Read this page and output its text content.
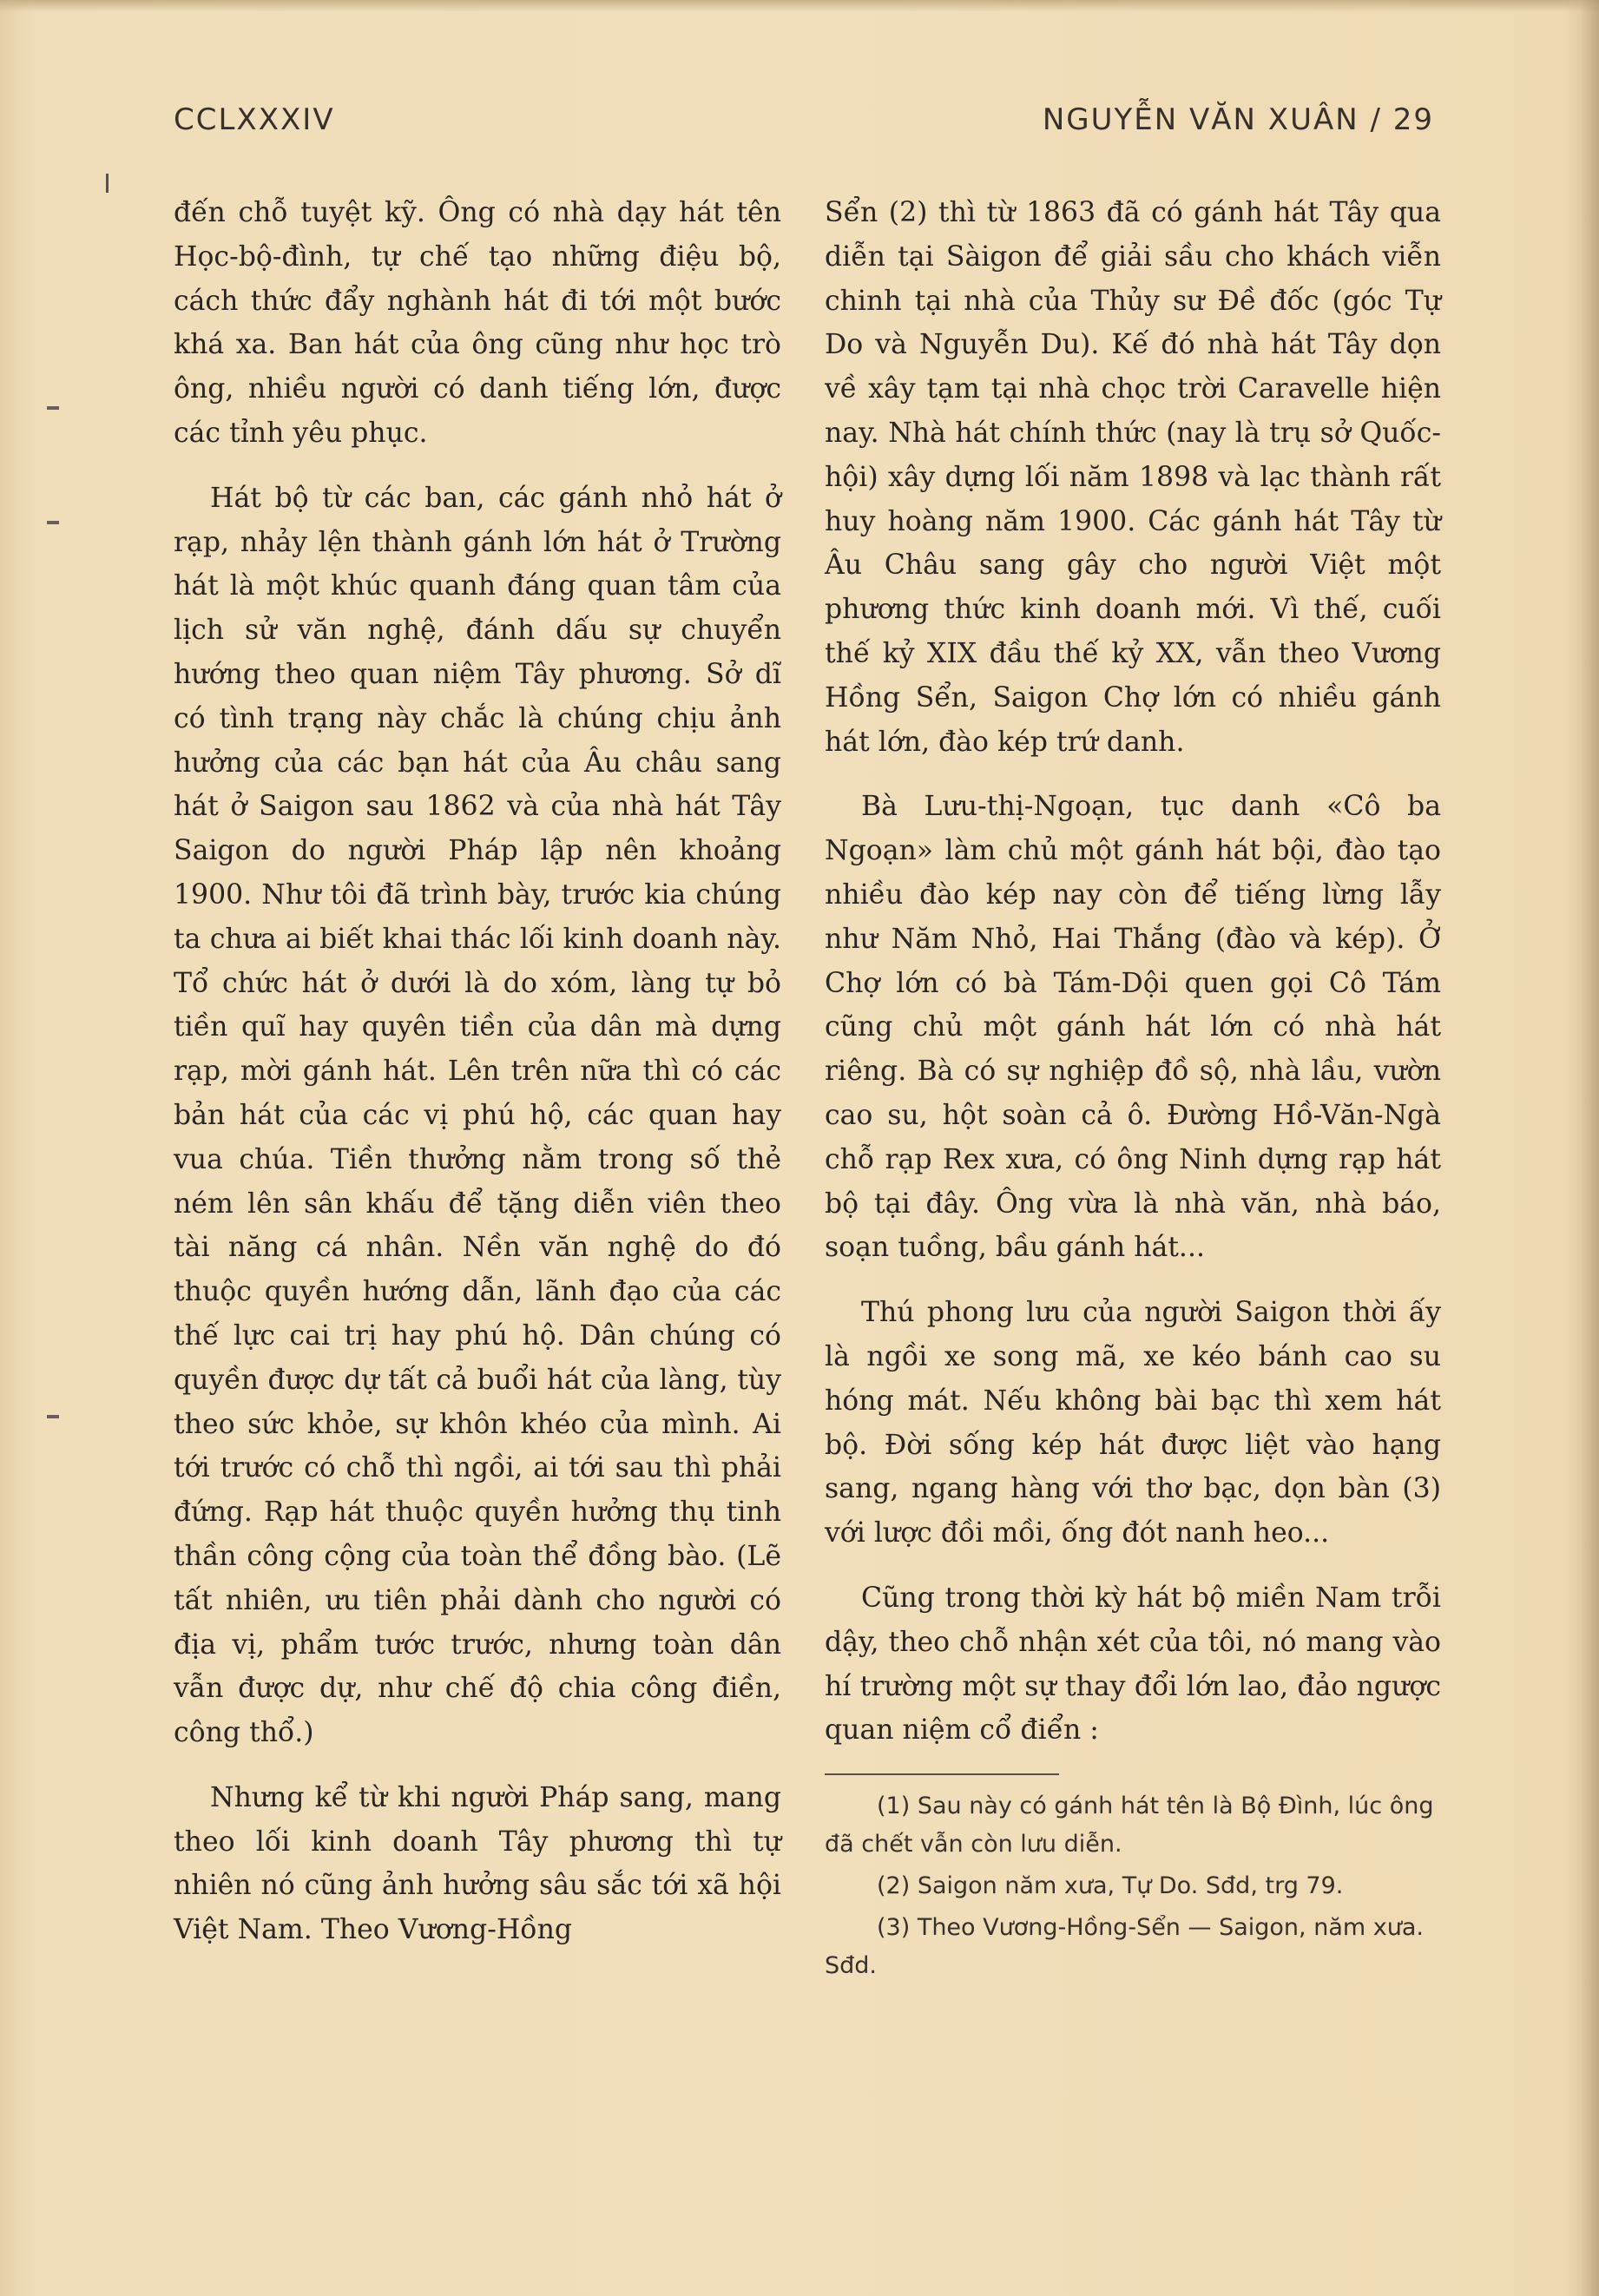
CCLXXXIV	NGUYỄN VĂN XUÂN / 29

đến chỗ tuyệt kỹ. Ông có nhà dạy hát tên Học-bộ-đình, tự chế tạo những điệu bộ, cách thức đẩy nghành hát đi tới một bước khá xa. Ban hát của ông cũng như học trò ông, nhiều người có danh tiếng lớn, được các tỉnh yêu phục.

Hát bộ từ các ban, các gánh nhỏ hát ở rạp, nhảy lện thành gánh lớn hát ở Trường hát là một khúc quanh đáng quan tâm của lịch sử văn nghệ, đánh dấu sự chuyển hướng theo quan niệm Tây phương. Sở dĩ có tình trạng này chắc là chúng chịu ảnh hưởng của các bạn hát của Âu châu sang hát ở Saigon sau 1862 và của nhà hát Tây Saigon do người Pháp lập nên khoảng 1900. Như tôi đã trình bày, trước kia chúng ta chưa ai biết khai thác lối kinh doanh này. Tổ chức hát ở dưới là do xóm, làng tự bỏ tiền quĩ hay quyên tiền của dân mà dựng rạp, mời gánh hát. Lên trên nữa thì có các bản hát của các vị phú hộ, các quan hay vua chúa. Tiền thưởng nằm trong số thẻ ném lên sân khấu để tặng diễn viên theo tài năng cá nhân. Nền văn nghệ do đó thuộc quyền hướng dẫn, lãnh đạo của các thế lực cai trị hay phú hộ. Dân chúng có quyền được dự tất cả buổi hát của làng, tùy theo sức khỏe, sự khôn khéo của mình. Ai tới trước có chỗ thì ngồi, ai tới sau thì phải đứng. Rạp hát thuộc quyền hưởng thụ tinh thần công cộng của toàn thể đồng bào. (Lẽ tất nhiên, ưu tiên phải dành cho người có địa vị, phẩm tước trước, nhưng toàn dân vẫn được dự, như chế độ chia công điền, công thổ.)

Nhưng kể từ khi người Pháp sang, mang theo lối kinh doanh Tây phương thì tự nhiên nó cũng ảnh hưởng sâu sắc tới xã hội Việt Nam. Theo Vương-Hồng

Sển (2) thì từ 1863 đã có gánh hát Tây qua diễn tại Sàigon để giải sầu cho khách viễn chinh tại nhà của Thủy sư Đề đốc (góc Tự Do và Nguyễn Du). Kế đó nhà hát Tây dọn về xây tạm tại nhà chọc trời Caravelle hiện nay. Nhà hát chính thức (nay là trụ sở Quốc-hội) xây dựng lối năm 1898 và lạc thành rất huy hoàng năm 1900. Các gánh hát Tây từ Âu Châu sang gây cho người Việt một phương thức kinh doanh mới. Vì thế, cuối thế kỷ XIX đầu thế kỷ XX, vẫn theo Vương Hồng Sển, Saigon Chợ lớn có nhiều gánh hát lớn, đào kép trứ danh.

Bà Lưu-thị-Ngoạn, tục danh «Cô ba Ngoạn» làm chủ một gánh hát bội, đào tạo nhiều đào kép nay còn để tiếng lừng lẫy như Năm Nhỏ, Hai Thắng (đào và kép). Ở Chợ lớn có bà Tám-Dội quen gọi Cô Tám cũng chủ một gánh hát lớn có nhà hát riêng. Bà có sự nghiệp đồ sộ, nhà lầu, vườn cao su, hột soàn cả ô. Đường Hồ-Văn-Ngà chỗ rạp Rex xưa, có ông Ninh dựng rạp hát bộ tại đây. Ông vừa là nhà văn, nhà báo, soạn tuồng, bầu gánh hát...

Thú phong lưu của người Saigon thời ấy là ngồi xe song mã, xe kéo bánh cao su hóng mát. Nếu không bài bạc thì xem hát bộ. Đời sống kép hát được liệt vào hạng sang, ngang hàng với thơ bạc, dọn bàn (3) với lược đồi mồi, ống đót nanh heo...

Cũng trong thời kỳ hát bộ miền Nam trỗi dậy, theo chỗ nhận xét của tôi, nó mang vào hí trường một sự thay đổi lớn lao, đảo ngược quan niệm cổ điển :

(1) Sau này có gánh hát tên là Bộ Đình, lúc ông đã chết vẫn còn lưu diễn.
(2) Saigon năm xưa, Tự Do. Sđd, trg 79.
(3) Theo Vương-Hồng-Sển — Saigon, năm xưa. Sđd.
